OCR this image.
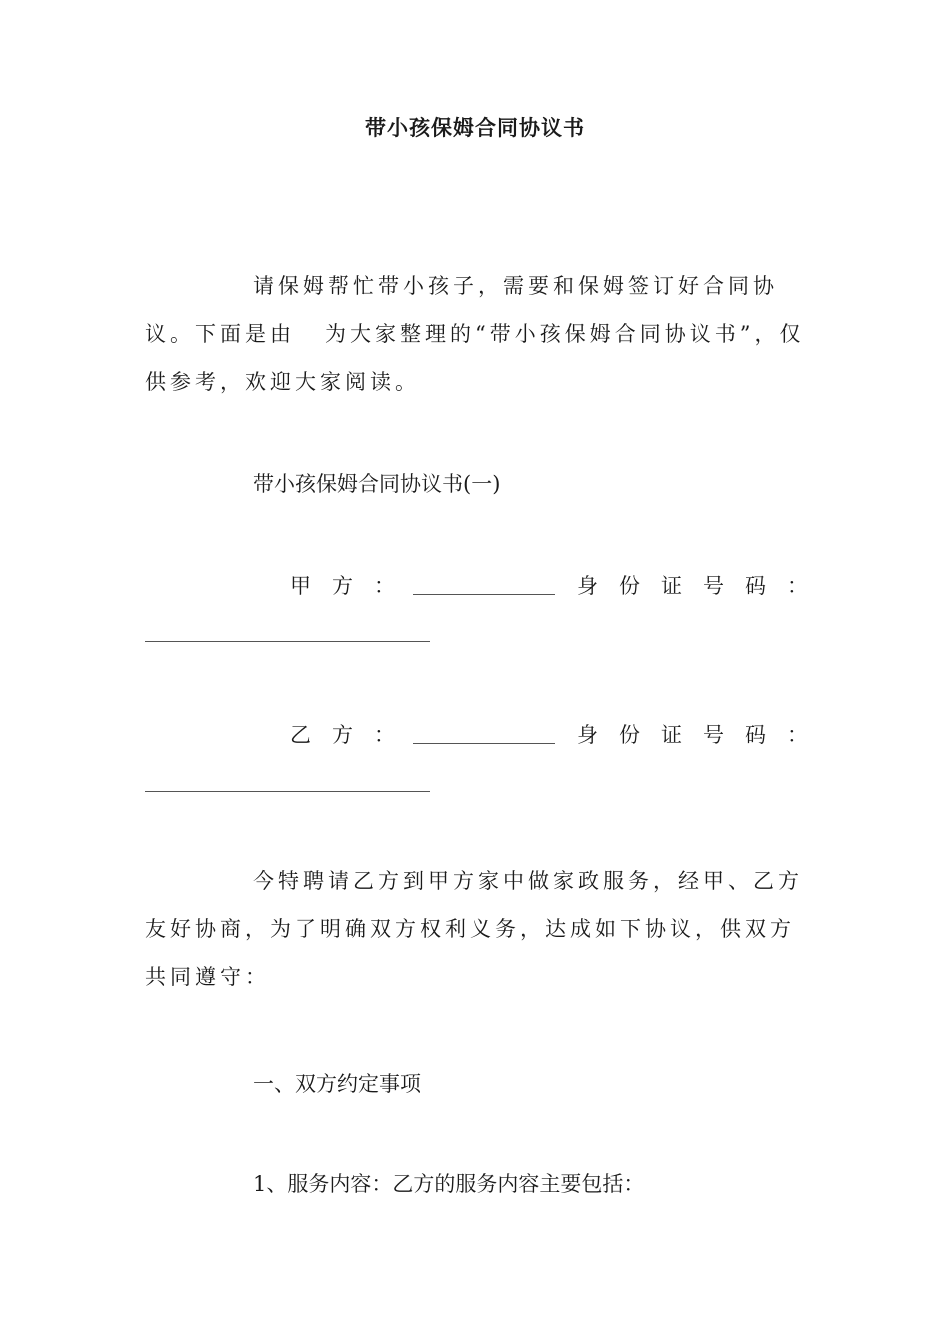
带小孩保姆合同协议书
请保姆帮忙带小孩子，需要和保姆签订好合同协议。下面是由 为大家整理的“带小孩保姆合同协议书”，仅供参考，欢迎大家阅读。
带小孩保姆合同协议书(一)
甲　方　：	身　份　证　号　码　：
乙　方　：	身　份　证　号　码　：
今特聘请乙方到甲方家中做家政服务，经甲、乙方友好协商，为了明确双方权利义务，达成如下协议，供双方共同遵守：
一、双方约定事项
1、服务内容：乙方的服务内容主要包括：
